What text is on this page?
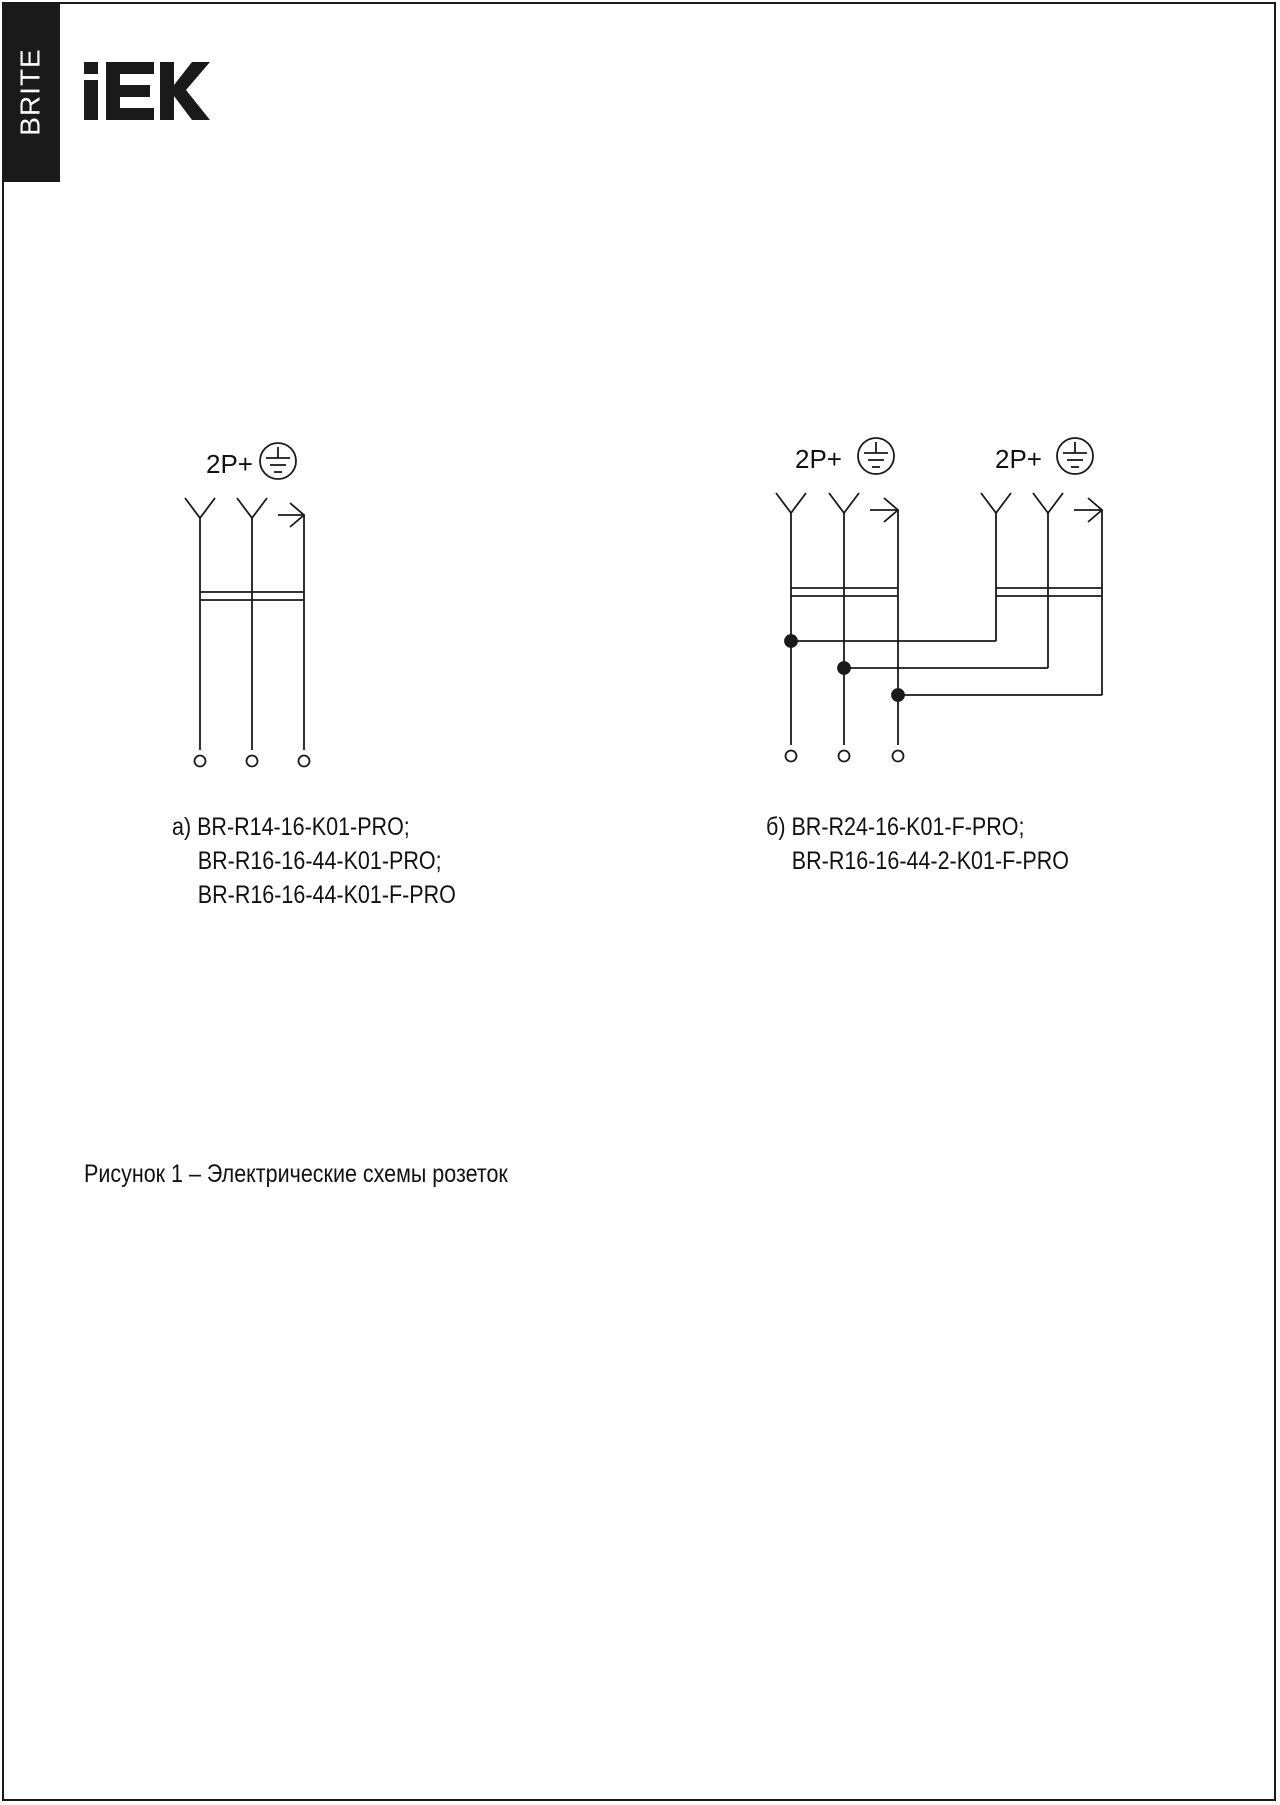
BRITE
2P+	2P+	2P+
а) BR-R14-16-K01-PRO;
BR-R16-16-44-K01-PRO;
BR-R16-16-44-K01-F-PRO
б) BR-R24-16-K01-F-PRO;
BR-R16-16-44-2-K01-F-PRO
Рисунок 1 – Электрические схемы розеток
